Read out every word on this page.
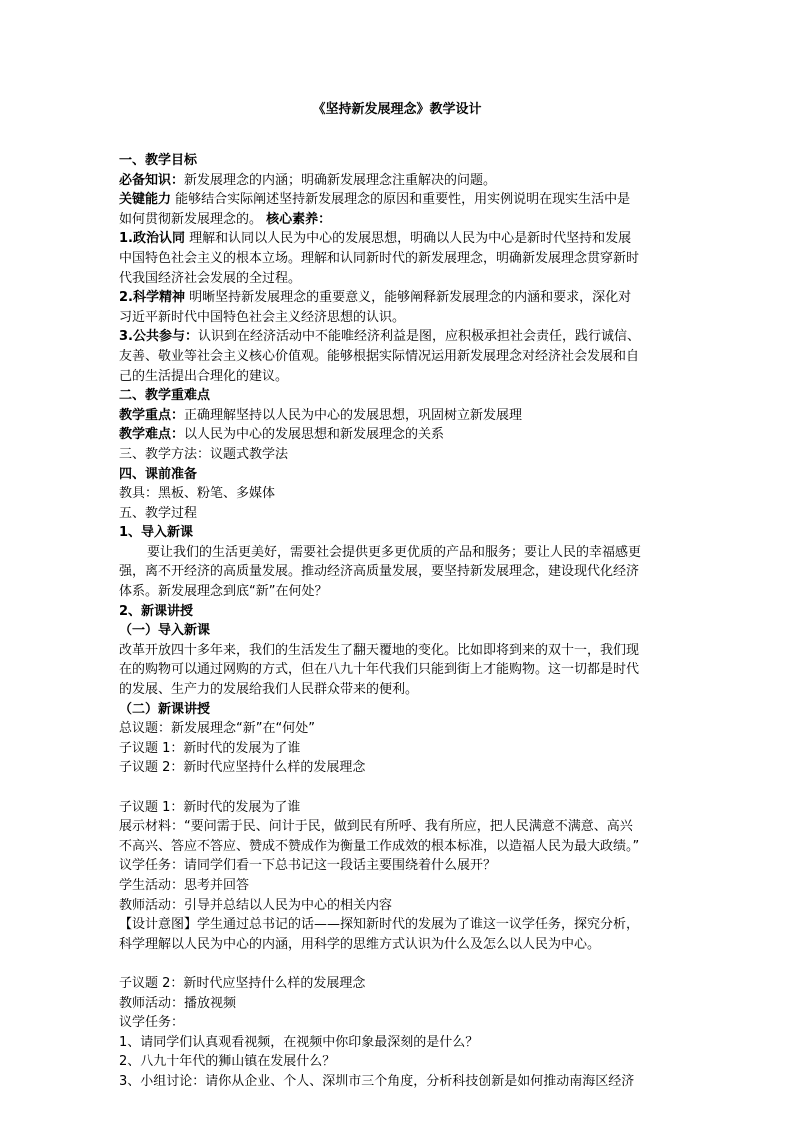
《坚持新发展理念》教学设计

一、教学目标

必备知识：新发展理念的内涵；明确新发展理念注重解决的问题。

关键能力 能够结合实际阐述坚持新发展理念的原因和重要性，用实例说明在现实生活中是

如何贯彻新发展理念的。 核心素养：

1.政治认同 理解和认同以人民为中心的发展思想，明确以人民为中心是新时代坚持和发展

中国特色社会主义的根本立场。理解和认同新时代的新发展理念，明确新发展理念贯穿新时

代我国经济社会发展的全过程。

2.科学精神 明晰坚持新发展理念的重要意义，能够阐释新发展理念的内涵和要求，深化对

习近平新时代中国特色社会主义经济思想的认识。

3.公共参与：认识到在经济活动中不能唯经济利益是图，应积极承担社会责任，践行诚信、

友善、敬业等社会主义核心价值观。能够根据实际情况运用新发展理念对经济社会发展和自

己的生活提出合理化的建议。

二、教学重难点

教学重点：正确理解坚持以人民为中心的发展思想，巩固树立新发展理

教学难点：以人民为中心的发展思想和新发展理念的关系

三、教学方法：议题式教学法

四、课前准备

教具：黑板、粉笔、多媒体

五、教学过程

1、导入新课

要让我们的生活更美好，需要社会提供更多更优质的产品和服务；要让人民的幸福感更

强，离不开经济的高质量发展。推动经济高质量发展，要坚持新发展理念，建设现代化经济

体系。新发展理念到底“新”在何处？

2、新课讲授

（一）导入新课

改革开放四十多年来，我们的生活发生了翻天覆地的变化。比如即将到来的双十一，我们现

在的购物可以通过网购的方式，但在八九十年代我们只能到街上才能购物。这一切都是时代

的发展、生产力的发展给我们人民群众带来的便利。

（二）新课讲授

总议题：新发展理念“新”在“何处”

子议题 1：新时代的发展为了谁

子议题 2：新时代应坚持什么样的发展理念

子议题 1：新时代的发展为了谁

展示材料：“要问需于民、问计于民，做到民有所呼、我有所应，把人民满意不满意、高兴

不高兴、答应不答应、赞成不赞成作为衡量工作成效的根本标准，以造福人民为最大政绩。”

议学任务：请同学们看一下总书记这一段话主要围绕着什么展开？

学生活动：思考并回答

教师活动：引导并总结以人民为中心的相关内容

【设计意图】学生通过总书记的话——探知新时代的发展为了谁这一议学任务，探究分析，

科学理解以人民为中心的内涵，用科学的思维方式认识为什么及怎么以人民为中心。

子议题 2：新时代应坚持什么样的发展理念

教师活动：播放视频

议学任务：

1、请同学们认真观看视频，在视频中你印象最深刻的是什么？

2、八九十年代的狮山镇在发展什么？

3、小组讨论：请你从企业、个人、深圳市三个角度，分析科技创新是如何推动南海区经济
